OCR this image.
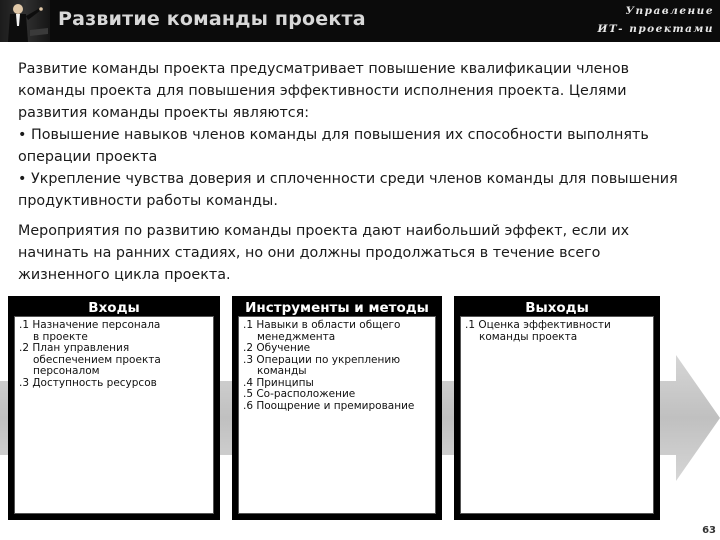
Развитие команды проекта	Управление
ИТ- проектами

Развитие команды проекта предусматривает повышение квалификации членов
команды проекта для повышения эффективности исполнения проекта. Целями
развития команды проекты являются:
• Повышение навыков членов команды для повышения их способности выполнять
операции проекта
• Укрепление чувства доверия и сплоченности среди членов команды для повышения
продуктивности работы команды.

Мероприятия по развитию команды проекта дают наибольший эффект, если их
начинать на ранних стадиях, но они должны продолжаться в течение всего
жизненного цикла проекта.

Входы
.1 Назначение персонала
в проекте
.2 План управления
обеспечением проекта
персоналом
.3 Доступность ресурсов
Инструменты и методы
.1 Навыки в области общего
менеджмента
.2 Обучение
.3 Операции по укреплению
команды
.4 Принципы
.5 Со-расположение
.6 Поощрение и премирование
Выходы
.1 Оценка эффективности
команды проекта
63
